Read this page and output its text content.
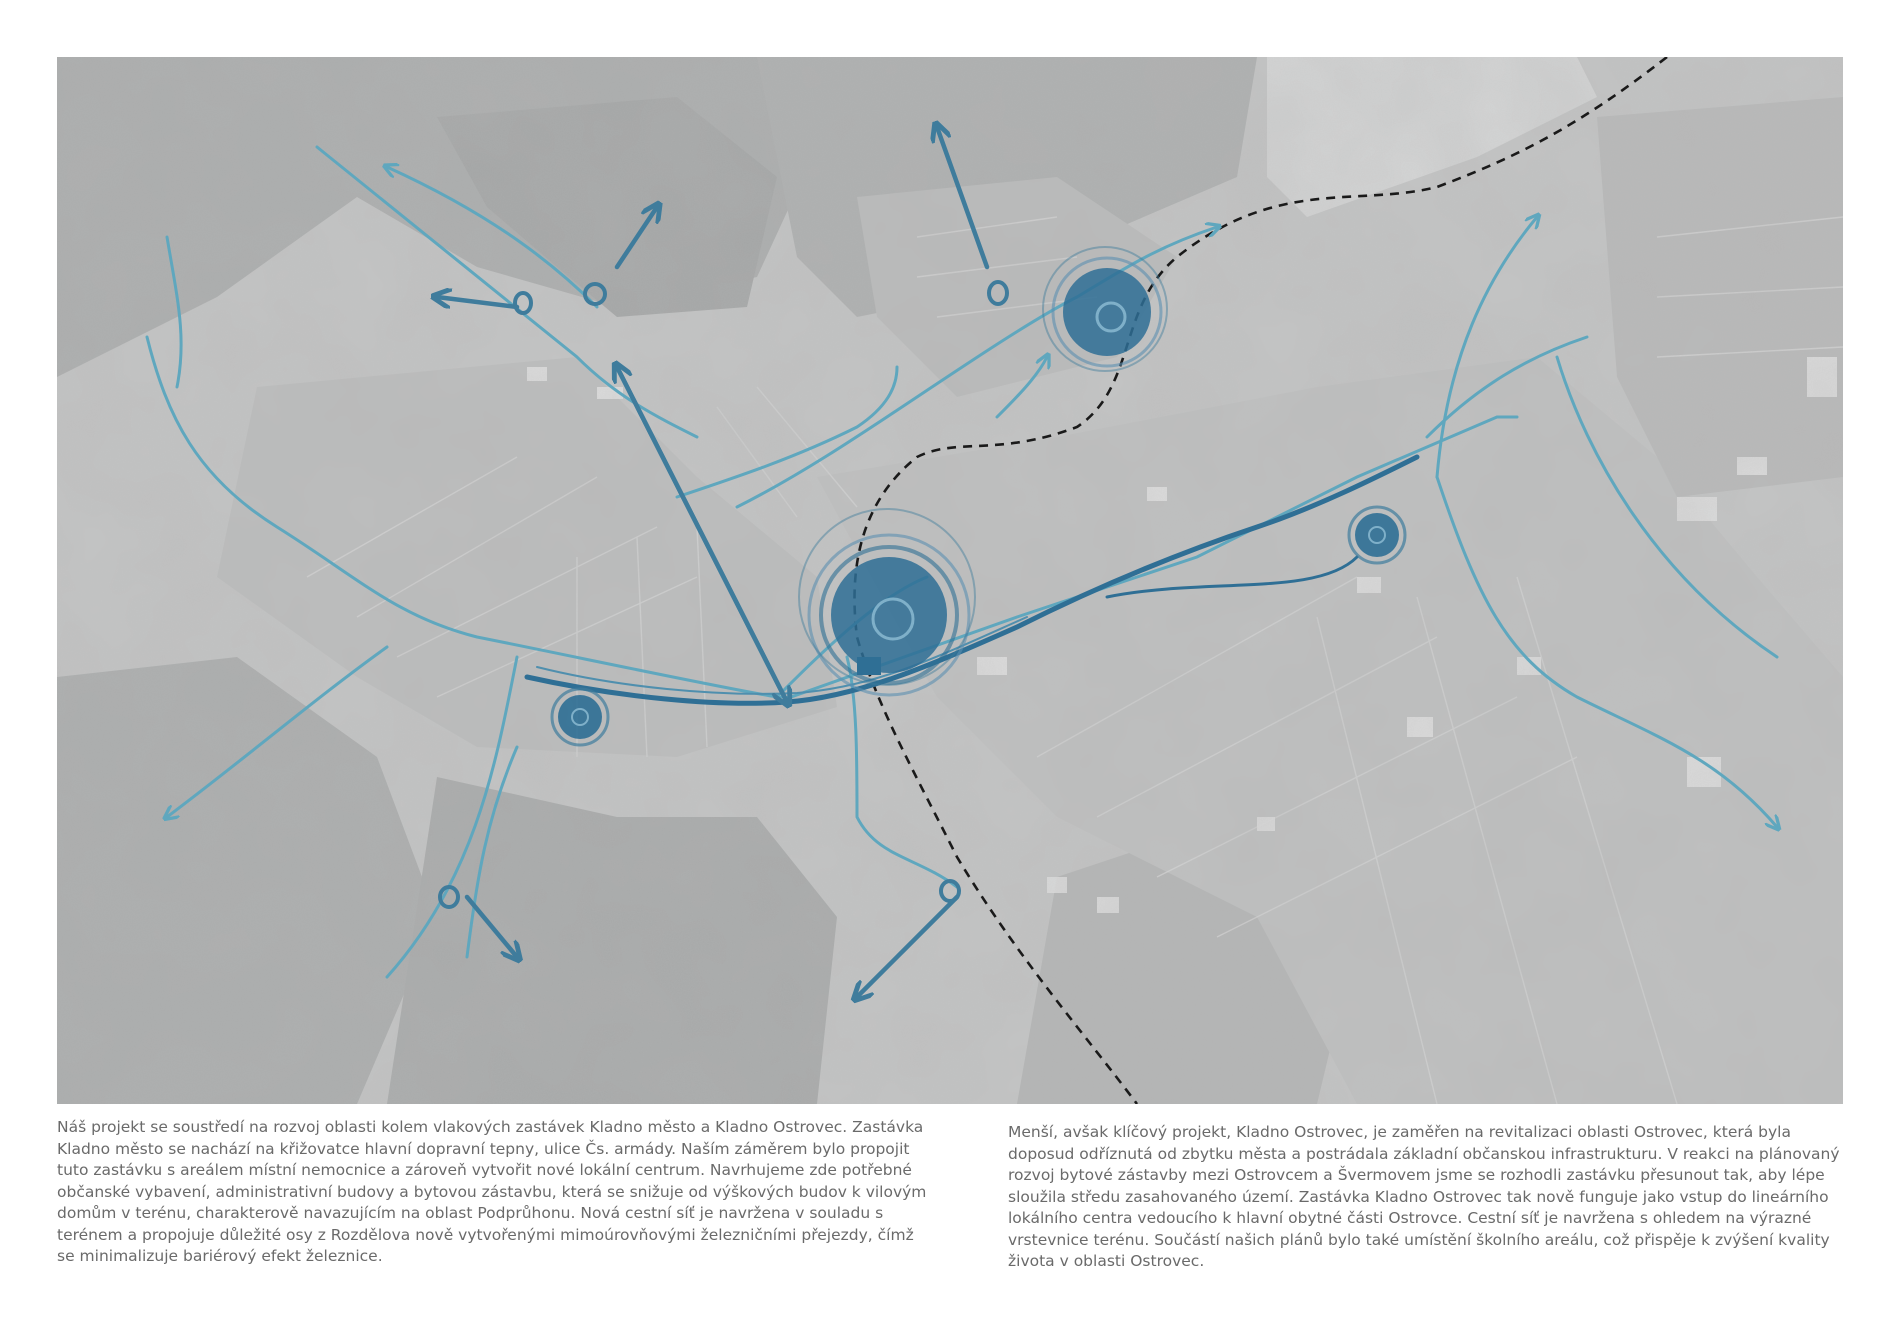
Náš projekt se soustředí na rozvoj oblasti kolem vlakových zastávek Kladno město a Kladno Ostrovec. Zastávka Kladno město se nachází na křižovatce hlavní dopravní tepny, ulice Čs. armády. Naším záměrem bylo propojit tuto zastávku s areálem místní nemocnice a zároveň vytvořit nové lokální centrum. Navrhujeme zde potřebné občanské vybavení, administrativní budovy a bytovou zástavbu, která se snižuje od výškových budov k vilovým domům v terénu, charakterově navazujícím na oblast Podprůhonu. Nová cestní síť je navržena v souladu s terénem a propojuje důležité osy z Rozdělova nově vytvořenými mimoúrovňovými železničními přejezdy, čímž se minimalizuje bariérový efekt železnice.

Menší, avšak klíčový projekt, Kladno Ostrovec, je zaměřen na revitalizaci oblasti Ostrovec, která byla doposud odříznutá od zbytku města a postrádala základní občanskou infrastrukturu. V reakci na plánovaný rozvoj bytové zástavby mezi Ostrovcem a Švermovem jsme se rozhodli zastávku přesunout tak, aby lépe sloužila středu zasahovaného území. Zastávka Kladno Ostrovec tak nově funguje jako vstup do lineárního lokálního centra vedoucího k hlavní obytné části Ostrovce. Cestní síť je navržena s ohledem na výrazné vrstevnice terénu. Součástí našich plánů bylo také umístění školního areálu, což přispěje k zvýšení kvality života v oblasti Ostrovec.
